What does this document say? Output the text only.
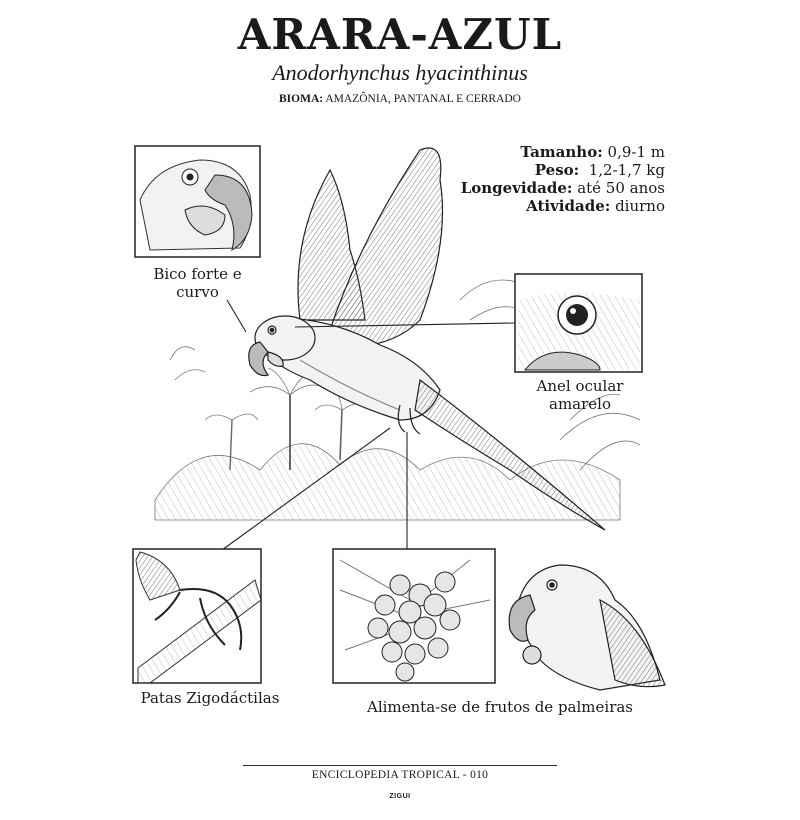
ARARA-AZUL
Anodorhynchus hyacinthinus
BIOMA: AMAZÔNIA, PANTANAL E CERRADO
Tamanho: 0,9-1 m
Peso: 1,2-1,7 kg
Longevidade: até 50 anos
Atividade: diurno
Bico forte e
curvo
Anel ocular
amarelo
Patas Zigodáctilas	Alimenta-se de frutos de palmeiras
ENCICLOPEDIA TROPICAL - 010
ZIGUI
